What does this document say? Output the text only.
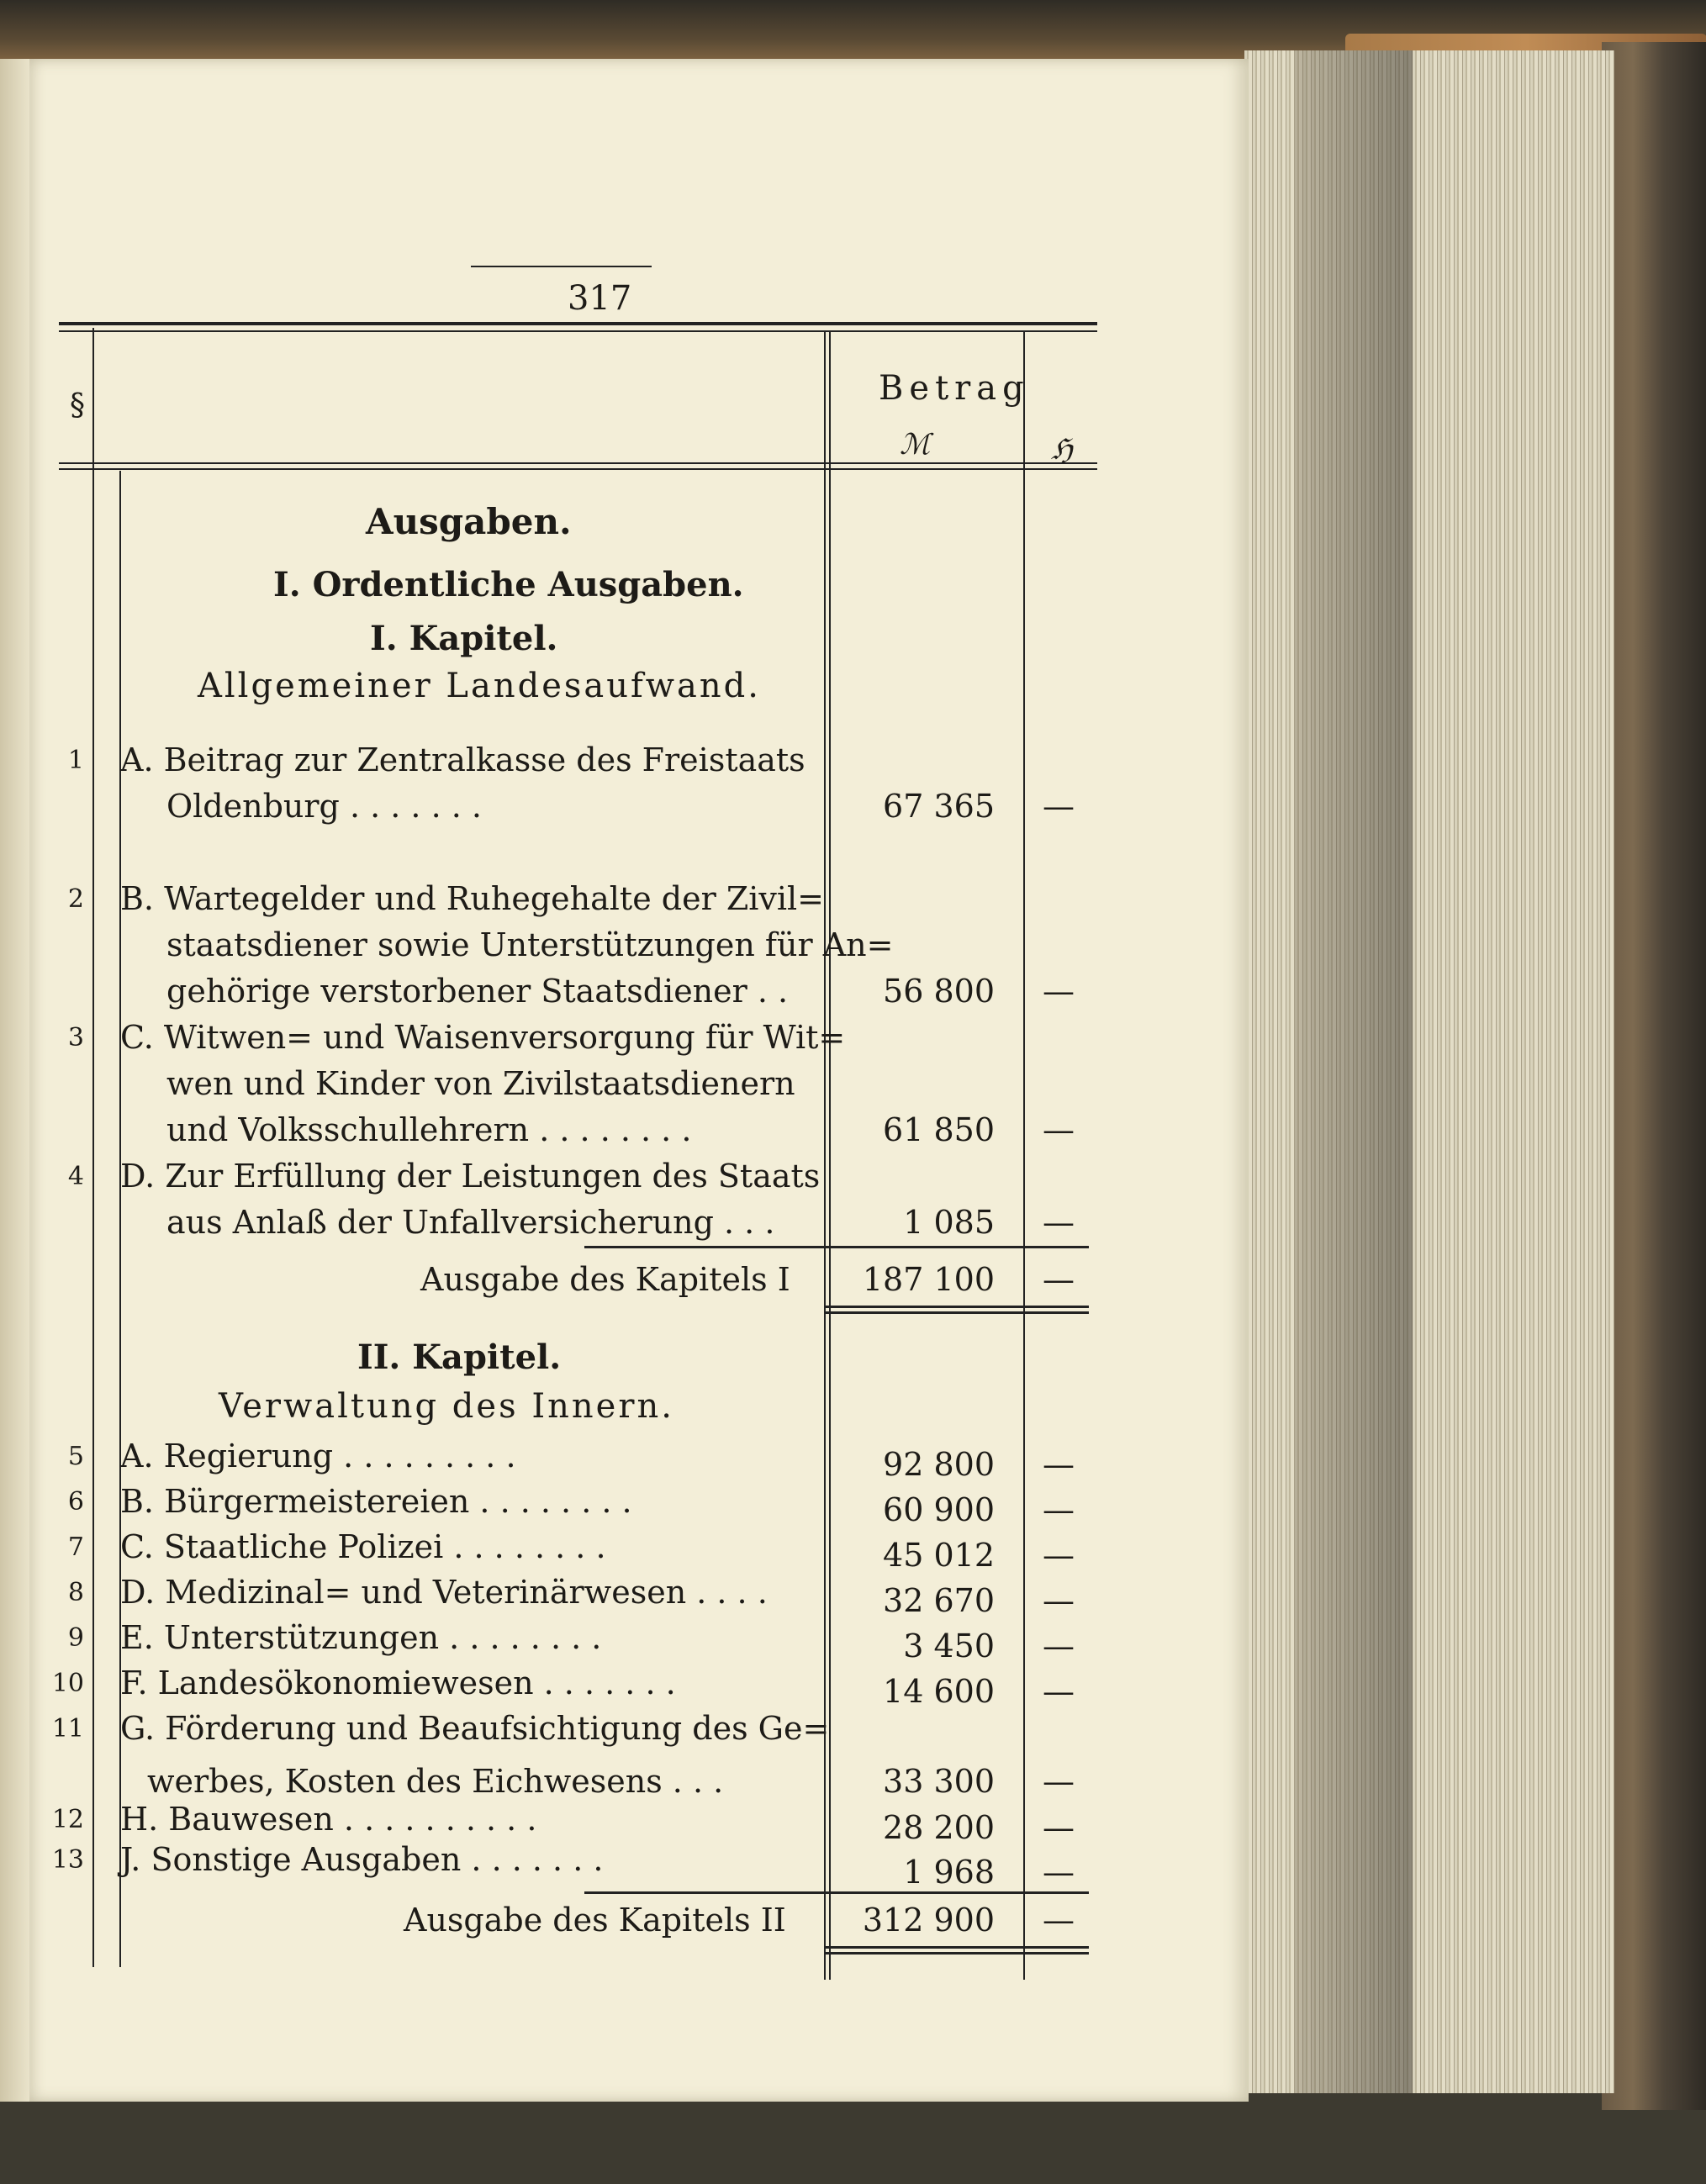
317
§	Betrag
ℳ	ℌ
Ausgaben.
I. Ordentliche Ausgaben.
I. Kapitel.
Allgemeiner Landesaufwand.
1 A. Beitrag zur Zentralkasse des Freistaats
Oldenburg . . . . . . .	67 365 —
2 B. Wartegelder und Ruhegehalte der Zivil=
staatsdiener sowie Unterstützungen für An=
gehörige verstorbener Staatsdiener . .	56 800 —
3 C. Witwen= und Waisenversorgung für Wit=
wen und Kinder von Zivilstaatsdienern
und Volksschullehrern . . . . . . . .	61 850 —
4 D. Zur Erfüllung der Leistungen des Staats
aus Anlaß der Unfallversicherung . . .	1 085 —
Ausgabe des Kapitels I	187 100 —
II. Kapitel.
Verwaltung des Innern.
5 A. Regierung . . . . . . . . .	92 800 —
6 B. Bürgermeistereien . . . . . . . .	60 900 —
7 C. Staatliche Polizei . . . . . . . .	45 012 —
8 D. Medizinal= und Veterinärwesen . . . .	32 670 —
9 E. Unterstützungen . . . . . . . .	3 450 —
10 F. Landesökonomiewesen . . . . . . .	14 600 —
11 G. Förderung und Beaufsichtigung des Ge=
werbes, Kosten des Eichwesens . . .	33 300 —
12 H. Bauwesen . . . . . . . . . .	28 200 —
13 J. Sonstige Ausgaben . . . . . . .	1 968 —
Ausgabe des Kapitels II	312 900 —
